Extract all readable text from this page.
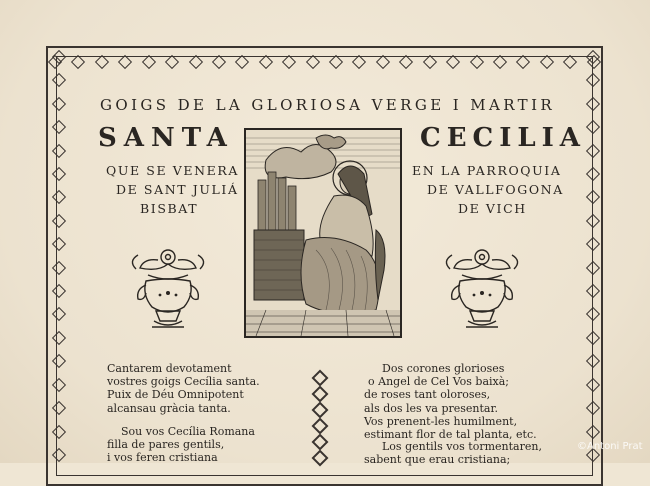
GOIGS DE LA GLORIOSA VERGE I MARTIR
SANTA	CECILIA
QUE SE VENERA
DE SANT JULIÁ
BISBAT
EN LA PARROQUIA
DE VALLFOGONA
DE VICH
Cantarem devotament
vostres goigs Cecília santa.
Puix de Déu Omnipotent
alcansau gràcia tanta.
Sou vos Cecília Romana
filla de pares gentils,
i vos feren cristiana
Dos corones glorioses
o Angel de Cel Vos baixà;
de roses tant oloroses,
als dos les va presentar.
Vos prenent-les humilment,
estimant flor de tal planta, etc.
Los gentils vos tormentaren,
sabent que erau cristiana;
©Antoni Prat
